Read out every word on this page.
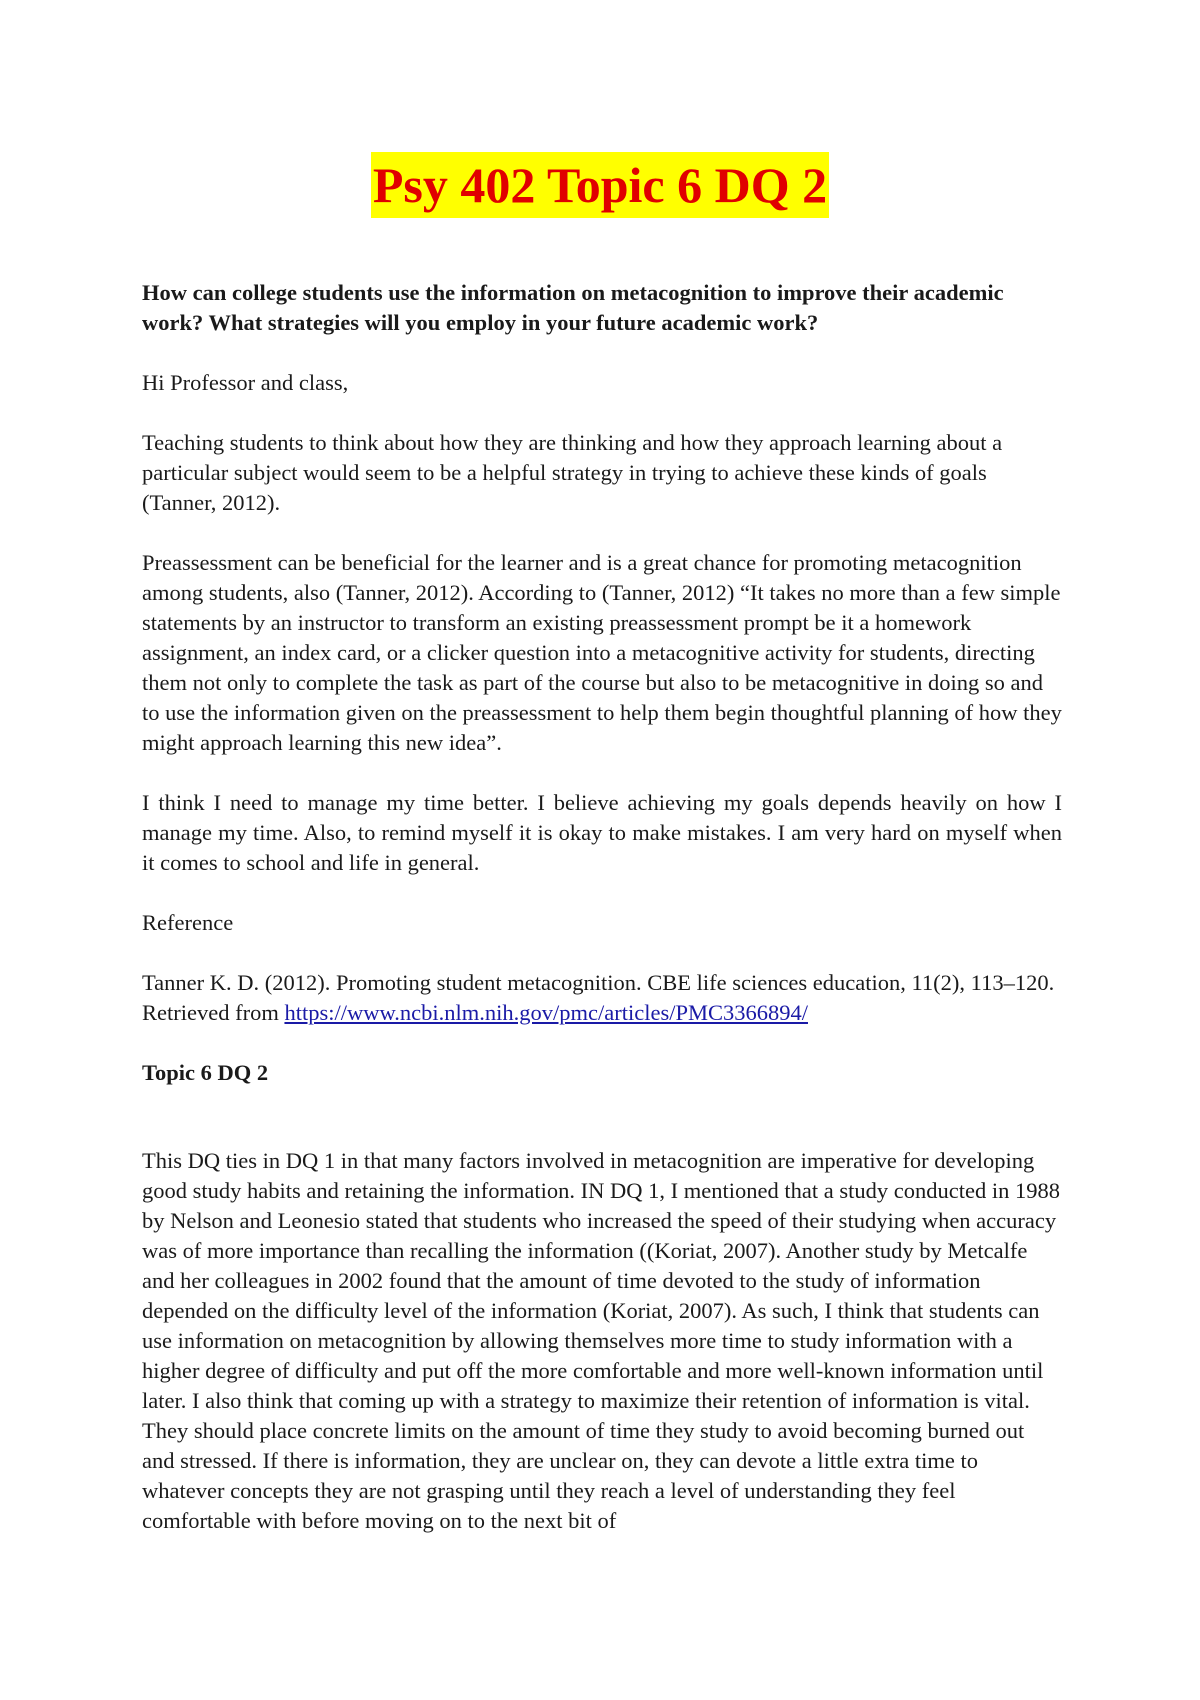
Psy 402 Topic 6 DQ 2

How can college students use the information on metacognition to improve their academic work? What strategies will you employ in your future academic work?

Hi Professor and class,

Teaching students to think about how they are thinking and how they approach learning about a particular subject would seem to be a helpful strategy in trying to achieve these kinds of goals (Tanner, 2012).

Preassessment can be beneficial for the learner and is a great chance for promoting metacognition among students, also (Tanner, 2012). According to (Tanner, 2012) “It takes no more than a few simple statements by an instructor to transform an existing preassessment prompt be it a homework assignment, an index card, or a clicker question into a metacognitive activity for students, directing them not only to complete the task as part of the course but also to be metacognitive in doing so and to use the information given on the preassessment to help them begin thoughtful planning of how they might approach learning this new idea”.

I think I need to manage my time better. I believe achieving my goals depends heavily on how I manage my time. Also, to remind myself it is okay to make mistakes. I am very hard on myself when it comes to school and life in general.

Reference

Tanner K. D. (2012). Promoting student metacognition. CBE life sciences education, 11(2), 113–120. Retrieved from https://www.ncbi.nlm.nih.gov/pmc/articles/PMC3366894/

Topic 6 DQ 2

This DQ ties in DQ 1 in that many factors involved in metacognition are imperative for developing good study habits and retaining the information. IN DQ 1, I mentioned that a study conducted in 1988 by Nelson and Leonesio stated that students who increased the speed of their studying when accuracy was of more importance than recalling the information ((Koriat, 2007). Another study by Metcalfe and her colleagues in 2002 found that the amount of time devoted to the study of information depended on the difficulty level of the information (Koriat, 2007). As such, I think that students can use information on metacognition by allowing themselves more time to study information with a higher degree of difficulty and put off the more comfortable and more well-known information until later. I also think that coming up with a strategy to maximize their retention of information is vital. They should place concrete limits on the amount of time they study to avoid becoming burned out and stressed. If there is information, they are unclear on, they can devote a little extra time to whatever concepts they are not grasping until they reach a level of understanding they feel comfortable with before moving on to the next bit of
